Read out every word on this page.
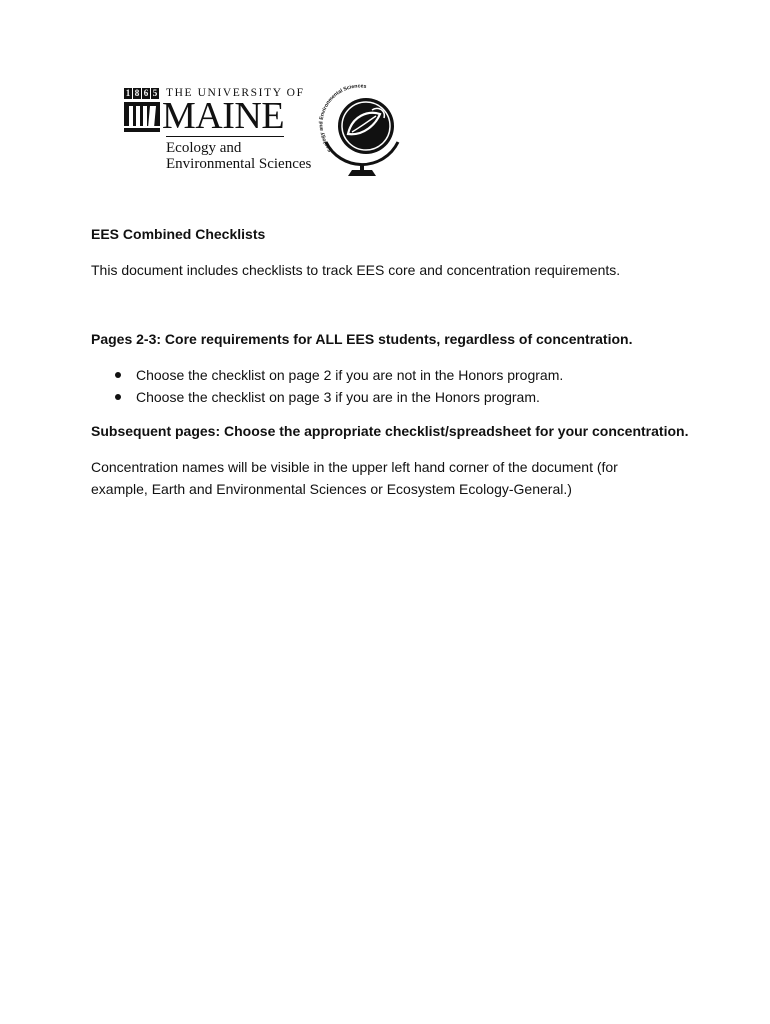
1 8 6 5 THE UNIVERSITY OF
MAINE
Ecology and
Environmental Sciences
Ecology and Environmental Sciences
EES Combined Checklists
This document includes checklists to track EES core and concentration requirements.
Pages 2-3: Core requirements for ALL EES students, regardless of concentration.
Choose the checklist on page 2 if you are not in the Honors program.
Choose the checklist on page 3 if you are in the Honors program.
Subsequent pages: Choose the appropriate checklist/spreadsheet for your concentration.
Concentration names will be visible in the upper left hand corner of the document (for example, Earth and Environmental Sciences or Ecosystem Ecology-General.)
